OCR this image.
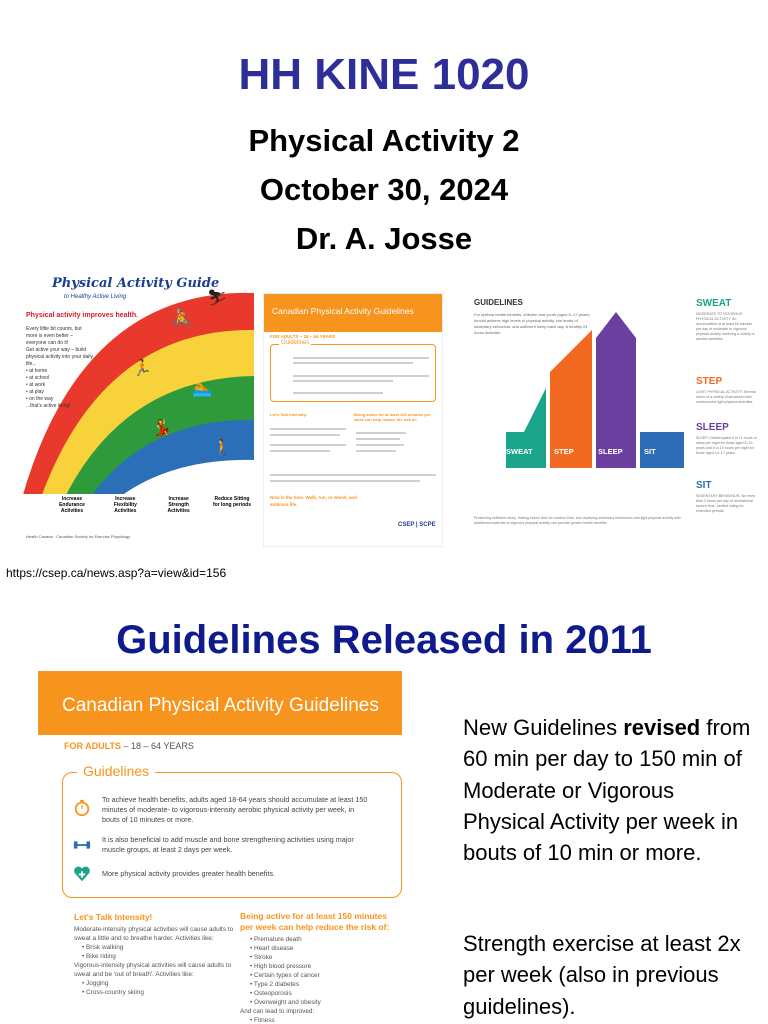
HH KINE 1020
Physical Activity 2
October 30, 2024
Dr. A. Josse
Physical Activity Guide
to Healthy Active Living
Physical activity improves health.
Every little bit counts, but more is even better – everyone can do it!
Get active your way – build physical activity into your daily life...
• at home
• at school
• at work
• at play
• on the way
...that's active living!
🚴
⛷
🏃
🏊
💃
🚶
Increase Endurance Activities
Increase Flexibility Activities
Increase Strength Activities
Reduce Sitting for long periods
Health Canada · Canadian Society for Exercise Physiology
Canadian Physical Activity Guidelines
FOR ADULTS – 18 – 64 YEARS
Guidelines
Let's Talk Intensity!	Being active for at least 150 minutes per week can help reduce the risk of:
Now is the time. Walk, run, or wheel, and embrace life.
CSEP | SCPE
GUIDELINES
For optimal health benefits, children and youth (aged 5–17 years) should achieve high levels of physical activity, low levels of sedentary behaviour, and sufficient sleep each day. A healthy 24 hours includes:
SWEAT	STEP	SLEEP	SIT
SWEAT
MODERATE TO VIGOROUS PHYSICAL ACTIVITY. An accumulation of at least 60 minutes per day of moderate to vigorous physical activity involving a variety of aerobic activities.
STEP
LIGHT PHYSICAL ACTIVITY. Several hours of a variety of structured and unstructured light physical activities.
SLEEP
SLEEP. Uninterrupted 9 to 11 hours of sleep per night for those aged 5–13 years and 8 to 10 hours per night for those aged 14–17 years.
SIT
SEDENTARY BEHAVIOUR. No more than 2 hours per day of recreational screen time. Limited sitting for extended periods.
Preserving sufficient sleep, trading indoor time for outdoor time, and replacing sedentary behaviours and light physical activity with additional moderate to vigorous physical activity can provide greater health benefits.
https://csep.ca/news.asp?a=view&id=156
Guidelines Released in 2011
Canadian Physical Activity Guidelines
FOR ADULTS – 18 – 64 YEARS
Guidelines
To achieve health benefits, adults aged 18-64 years should accumulate at least 150 minutes of moderate- to vigorous-intensity aerobic physical activity per week, in bouts of 10 minutes or more.
It is also beneficial to add muscle and bone strengthening activities using major muscle groups, at least 2 days per week.
More physical activity provides greater health benefits.
Let's Talk Intensity!
Moderate-intensity physical activities will cause adults to sweat a little and to breathe harder. Activities like:
• Brisk walking
• Bike riding
Vigorous-intensity physical activities will cause adults to sweat and be 'out of breath'. Activities like:
• Jogging
• Cross-country skiing
Being active for at least 150 minutes per week can help reduce the risk of:
• Premature death
• Heart disease
• Stroke
• High blood pressure
• Certain types of cancer
• Type 2 diabetes
• Osteoporosis
• Overweight and obesity
And can lead to improved:
• Fitness
New Guidelines revised from 60 min per day to 150 min of Moderate or Vigorous Physical Activity per week in bouts of 10 min or more.
Strength exercise at least 2x per week (also in previous guidelines).
